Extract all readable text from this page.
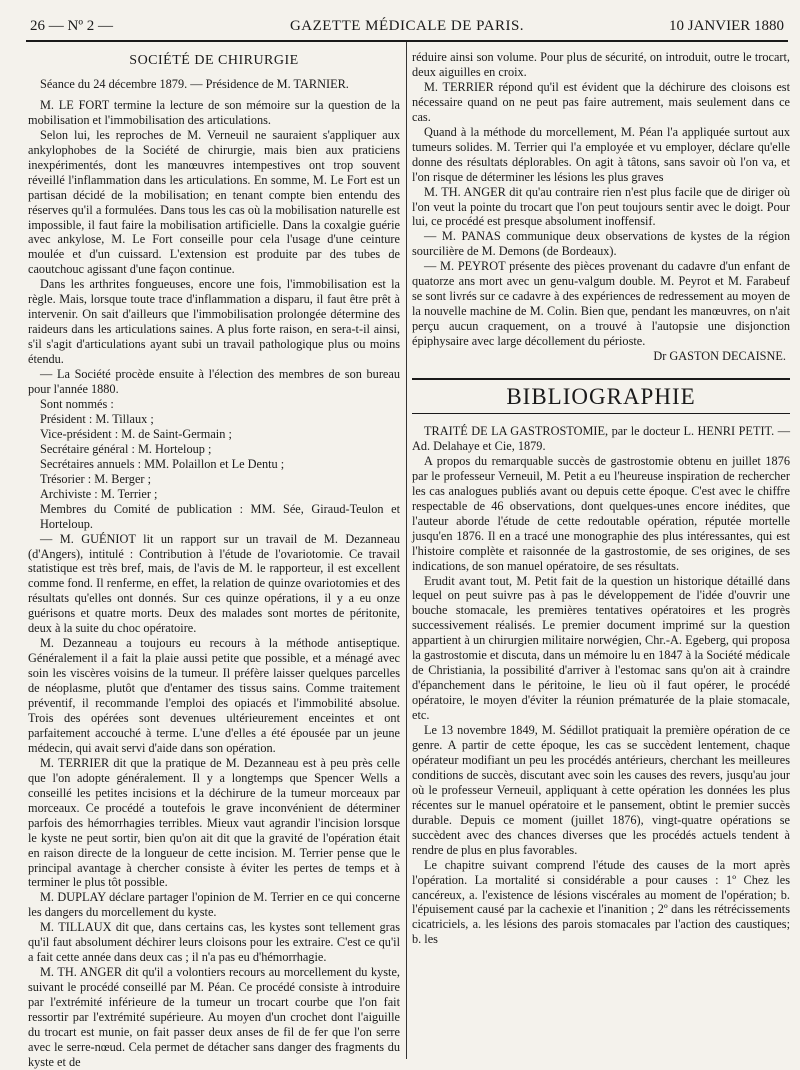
26 — Nº 2 —	GAZETTE MÉDICALE DE PARIS.	10 JANVIER 1880

SOCIÉTÉ DE CHIRURGIE

Séance du 24 décembre 1879. — Présidence de M. TARNIER.

M. LE FORT termine la lecture de son mémoire sur la question de la mobilisation et l'immobilisation des articulations.

Selon lui, les reproches de M. Verneuil ne sauraient s'appliquer aux ankylophobes de la Société de chirurgie, mais bien aux praticiens inexpérimentés, dont les manœuvres intempestives ont trop souvent réveillé l'inflammation dans les articulations. En somme, M. Le Fort est un partisan décidé de la mobilisation; en tenant compte bien entendu des réserves qu'il a formulées. Dans tous les cas où la mobilisation naturelle est impossible, il faut faire la mobilisation artificielle. Dans la coxalgie guérie avec ankylose, M. Le Fort conseille pour cela l'usage d'une ceinture moulée et d'un cuissard. L'extension est produite par des tubes de caoutchouc agissant d'une façon continue.

Dans les arthrites fongueuses, encore une fois, l'immobilisation est la règle. Mais, lorsque toute trace d'inflammation a disparu, il faut être prêt à intervenir. On sait d'ailleurs que l'immobilisation prolongée détermine des raideurs dans les articulations saines. A plus forte raison, en sera-t-il ainsi, s'il s'agit d'articulations ayant subi un travail pathologique plus ou moins étendu.

— La Société procède ensuite à l'élection des membres de son bureau pour l'année 1880.

Sont nommés :

Président : M. Tillaux ;

Vice-président : M. de Saint-Germain ;

Secrétaire général : M. Horteloup ;

Secrétaires annuels : MM. Polaillon et Le Dentu ;

Trésorier : M. Berger ;

Archiviste : M. Terrier ;

Membres du Comité de publication : MM. Sée, Giraud-Teulon et Horteloup.

— M. GUÉNIOT lit un rapport sur un travail de M. Dezanneau (d'Angers), intitulé : Contribution à l'étude de l'ovariotomie. Ce travail statistique est très bref, mais, de l'avis de M. le rapporteur, il est excellent comme fond. Il renferme, en effet, la relation de quinze ovariotomies et des résultats qu'elles ont donnés. Sur ces quinze opérations, il y a eu onze guérisons et quatre morts. Deux des malades sont mortes de péritonite, deux à la suite du choc opératoire.

M. Dezanneau a toujours eu recours à la méthode antiseptique. Généralement il a fait la plaie aussi petite que possible, et a ménagé avec soin les viscères voisins de la tumeur. Il préfère laisser quelques parcelles de néoplasme, plutôt que d'entamer des tissus sains. Comme traitement préventif, il recommande l'emploi des opiacés et l'immobilité absolue. Trois des opérées sont devenues ultérieurement enceintes et ont parfaitement accouché à terme. L'une d'elles a été épousée par un jeune médecin, qui avait servi d'aide dans son opération.

M. TERRIER dit que la pratique de M. Dezanneau est à peu près celle que l'on adopte généralement. Il y a longtemps que Spencer Wells a conseillé les petites incisions et la déchirure de la tumeur morceaux par morceaux. Ce procédé a toutefois le grave inconvénient de déterminer parfois des hémorrhagies terribles. Mieux vaut agrandir l'incision lorsque le kyste ne peut sortir, bien qu'on ait dit que la gravité de l'opération était en raison directe de la longueur de cette incision. M. Terrier pense que le principal avantage à chercher consiste à éviter les pertes de temps et à terminer le plus tôt possible.

M. DUPLAY déclare partager l'opinion de M. Terrier en ce qui concerne les dangers du morcellement du kyste.

M. TILLAUX dit que, dans certains cas, les kystes sont tellement gras qu'il faut absolument déchirer leurs cloisons pour les extraire. C'est ce qu'il a fait cette année dans deux cas ; il n'a pas eu d'hémorrhagie.

M. TH. ANGER dit qu'il a volontiers recours au morcellement du kyste, suivant le procédé conseillé par M. Péan. Ce procédé consiste à introduire par l'extrémité inférieure de la tumeur un trocart courbe que l'on fait ressortir par l'extrémité supérieure. Au moyen d'un crochet dont l'aiguille du trocart est munie, on fait passer deux anses de fil de fer que l'on serre avec le serre-nœud. Cela permet de détacher sans danger des fragments du kyste et de

réduire ainsi son volume. Pour plus de sécurité, on introduit, outre le trocart, deux aiguilles en croix.

M. TERRIER répond qu'il est évident que la déchirure des cloisons est nécessaire quand on ne peut pas faire autrement, mais seulement dans ce cas.

Quand à la méthode du morcellement, M. Péan l'a appliquée surtout aux tumeurs solides. M. Terrier qui l'a employée et vu employer, déclare qu'elle donne des résultats déplorables. On agit à tâtons, sans savoir où l'on va, et l'on risque de déterminer les lésions les plus graves

M. TH. ANGER dit qu'au contraire rien n'est plus facile que de diriger où l'on veut la pointe du trocart que l'on peut toujours sentir avec le doigt. Pour lui, ce procédé est presque absolument inoffensif.

— M. PANAS communique deux observations de kystes de la région sourcilière de M. Demons (de Bordeaux).

— M. PEYROT présente des pièces provenant du cadavre d'un enfant de quatorze ans mort avec un genu-valgum double. M. Peyrot et M. Farabeuf se sont livrés sur ce cadavre à des expériences de redressement au moyen de la nouvelle machine de M. Colin. Bien que, pendant les manœuvres, on n'ait perçu aucun craquement, on a trouvé à l'autopsie une disjonction épiphysaire avec large décollement du périoste.

Dr GASTON DECAISNE.

BIBLIOGRAPHIE

TRAITÉ DE LA GASTROSTOMIE, par le docteur L. HENRI PETIT. — Ad. Delahaye et Cie, 1879.

A propos du remarquable succès de gastrostomie obtenu en juillet 1876 par le professeur Verneuil, M. Petit a eu l'heureuse inspiration de rechercher les cas analogues publiés avant ou depuis cette époque. C'est avec le chiffre respectable de 46 observations, dont quelques-unes encore inédites, que l'auteur aborde l'étude de cette redoutable opération, réputée mortelle jusqu'en 1876. Il en a tracé une monographie des plus intéressantes, qui est l'histoire complète et raisonnée de la gastrostomie, de ses origines, de ses indications, de son manuel opératoire, de ses résultats.

Erudit avant tout, M. Petit fait de la question un historique détaillé dans lequel on peut suivre pas à pas le développement de l'idée d'ouvrir une bouche stomacale, les premières tentatives opératoires et les progrès successivement réalisés. Le premier document imprimé sur la question appartient à un chirurgien militaire norwégien, Chr.-A. Egeberg, qui proposa la gastrostomie et discuta, dans un mémoire lu en 1847 à la Société médicale de Christiania, la possibilité d'arriver à l'estomac sans qu'on ait à craindre d'épanchement dans le péritoine, le lieu où il faut opérer, le procédé opératoire, le moyen d'éviter la réunion prématurée de la plaie stomacale, etc.

Le 13 novembre 1849, M. Sédillot pratiquait la première opération de ce genre. A partir de cette époque, les cas se succèdent lentement, chaque opérateur modifiant un peu les procédés antérieurs, cherchant les meilleures conditions de succès, discutant avec soin les causes des revers, jusqu'au jour où le professeur Verneuil, appliquant à cette opération les données les plus récentes sur le manuel opératoire et le pansement, obtint le premier succès durable. Depuis ce moment (juillet 1876), vingt-quatre opérations se succèdent avec des chances diverses que les procédés actuels tendent à rendre de plus en plus favorables.

Le chapitre suivant comprend l'étude des causes de la mort après l'opération. La mortalité si considérable a pour causes : 1º Chez les cancéreux, a. l'existence de lésions viscérales au moment de l'opération; b. l'épuisement causé par la cachexie et l'inanition ; 2º dans les rétrécissements cicatriciels, a. les lésions des parois stomacales par l'action des caustiques; b. les
